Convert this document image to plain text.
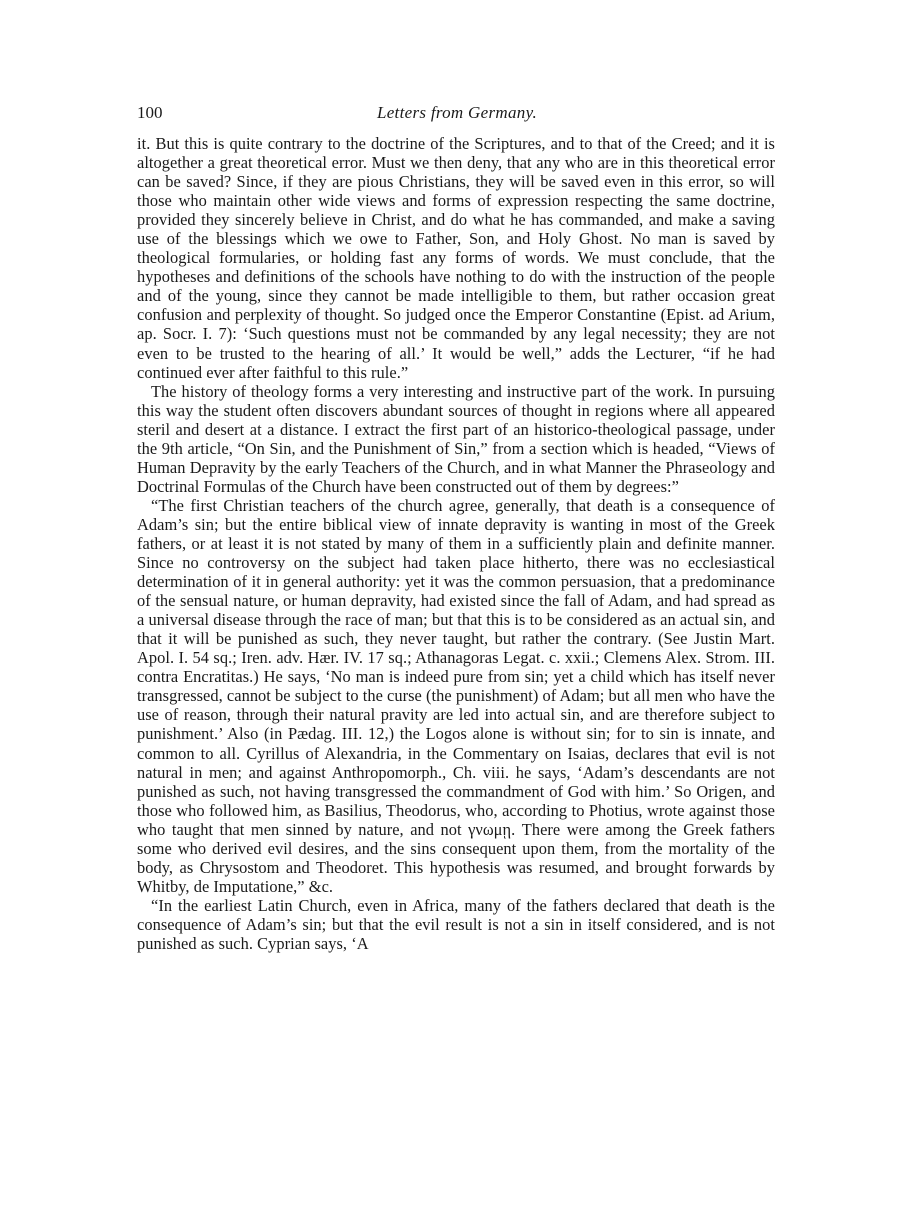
100	Letters from Germany.

it. But this is quite contrary to the doctrine of the Scriptures, and to that of the Creed; and it is altogether a great theoretical error. Must we then deny, that any who are in this theoretical error can be saved? Since, if they are pious Christians, they will be saved even in this error, so will those who maintain other wide views and forms of expression respecting the same doctrine, provided they sincerely believe in Christ, and do what he has commanded, and make a saving use of the blessings which we owe to Father, Son, and Holy Ghost. No man is saved by theological formularies, or holding fast any forms of words. We must conclude, that the hypotheses and definitions of the schools have nothing to do with the instruction of the people and of the young, since they cannot be made intelligible to them, but rather occasion great confusion and perplexity of thought. So judged once the Emperor Constantine (Epist. ad Arium, ap. Socr. I. 7): ‘Such questions must not be commanded by any legal necessity; they are not even to be trusted to the hearing of all.’ It would be well,” adds the Lecturer, “if he had continued ever after faithful to this rule.”

The history of theology forms a very interesting and instructive part of the work. In pursuing this way the student often discovers abundant sources of thought in regions where all appeared steril and desert at a distance. I extract the first part of an historico-theological passage, under the 9th article, “On Sin, and the Punishment of Sin,” from a section which is headed, “Views of Human Depravity by the early Teachers of the Church, and in what Manner the Phraseology and Doctrinal Formulas of the Church have been constructed out of them by degrees:”

“The first Christian teachers of the church agree, generally, that death is a consequence of Adam’s sin; but the entire biblical view of innate depravity is wanting in most of the Greek fathers, or at least it is not stated by many of them in a sufficiently plain and definite manner. Since no controversy on the subject had taken place hitherto, there was no ecclesiastical determination of it in general authority: yet it was the common persuasion, that a predominance of the sensual nature, or human depravity, had existed since the fall of Adam, and had spread as a universal disease through the race of man; but that this is to be considered as an actual sin, and that it will be punished as such, they never taught, but rather the contrary. (See Justin Mart. Apol. I. 54 sq.; Iren. adv. Hær. IV. 17 sq.; Athanagoras Legat. c. xxii.; Clemens Alex. Strom. III. contra Encratitas.) He says, ‘No man is indeed pure from sin; yet a child which has itself never transgressed, cannot be subject to the curse (the punishment) of Adam; but all men who have the use of reason, through their natural pravity are led into actual sin, and are therefore subject to punishment.’ Also (in Pædag. III. 12,) the Logos alone is without sin; for to sin is innate, and common to all. Cyrillus of Alexandria, in the Commentary on Isaias, declares that evil is not natural in men; and against Anthropomorph., Ch. viii. he says, ‘Adam’s descendants are not punished as such, not having transgressed the commandment of God with him.’ So Origen, and those who followed him, as Basilius, Theodorus, who, according to Photius, wrote against those who taught that men sinned by nature, and not γνωμῃ. There were among the Greek fathers some who derived evil desires, and the sins consequent upon them, from the mortality of the body, as Chrysostom and Theodoret. This hypothesis was resumed, and brought forwards by Whitby, de Imputatione,” &c.

“In the earliest Latin Church, even in Africa, many of the fathers declared that death is the consequence of Adam’s sin; but that the evil result is not a sin in itself considered, and is not punished as such. Cyprian says, ‘A
